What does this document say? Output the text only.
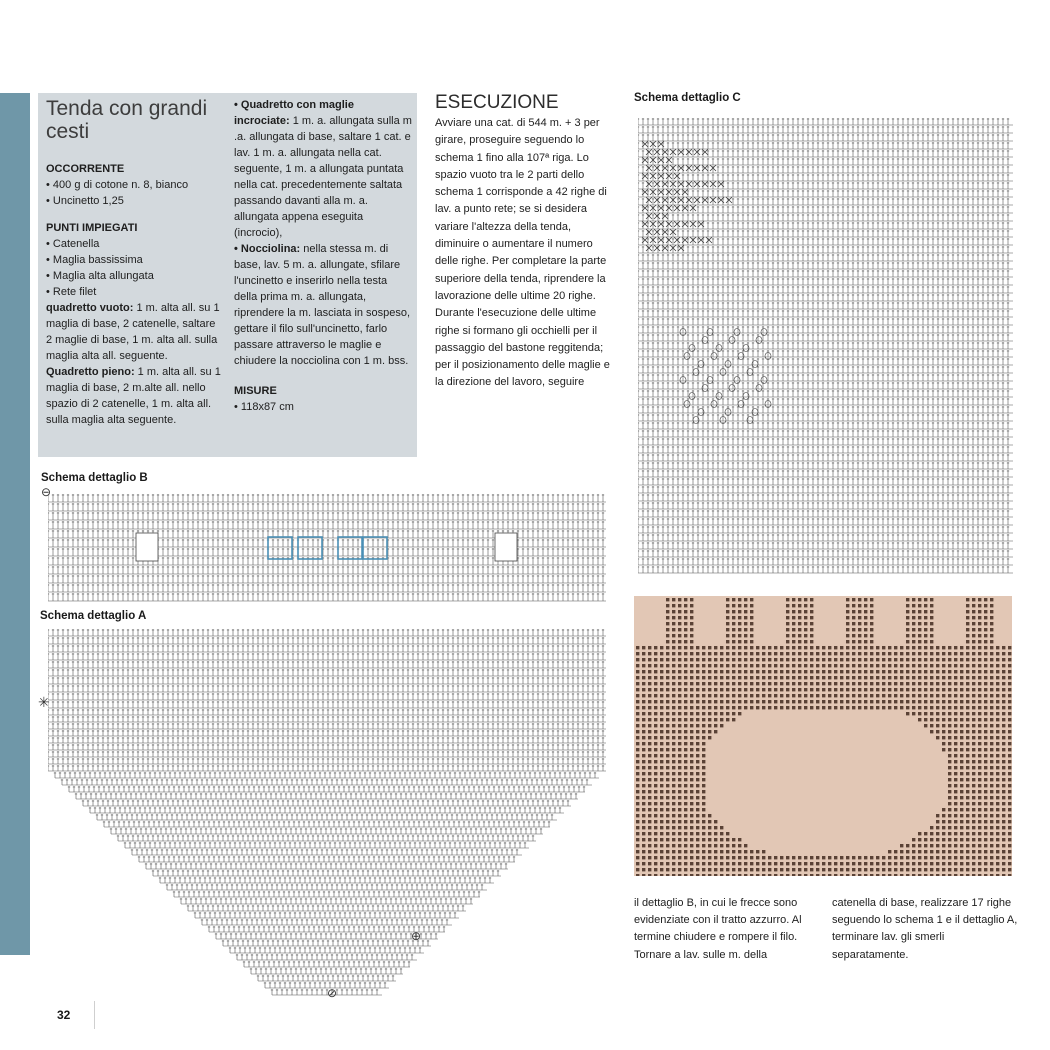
Tenda con grandi cesti
OCCORRENTE
• 400 g di cotone n. 8, bianco
• Uncinetto 1,25
PUNTI IMPIEGATI
• Catenella
• Maglia bassissima
• Maglia alta allungata
• Rete filet
quadretto vuoto: 1 m. alta all. su 1 maglia di base, 2 catenelle, saltare 2 maglie di base, 1 m. alta all. sulla maglia alta all. seguente.
Quadretto pieno: 1 m. alta all. su 1 maglia di base, 2 m.alte all. nello spazio di 2 catenelle, 1 m. alta all. sulla maglia alta seguente.
• Quadretto con maglie incrociate: 1 m. a. allungata sulla m .a. allungata di base, saltare 1 cat. e lav. 1 m. a. allungata nella cat. seguente, 1 m. a allungata puntata nella cat. precedentemente saltata passando davanti alla m. a. allungata appena eseguita (incrocio),
• Nocciolina: nella stessa m. di base, lav. 5 m. a. allungate, sfilare l'uncinetto e inserirlo nella testa della prima m. a. allungata, riprendere la m. lasciata in sospeso, gettare il filo sull'uncinetto, farlo passare attraverso le maglie e chiudere la nocciolina con 1 m. bss.
MISURE
• 118x87 cm
ESECUZIONE
Avviare una cat. di 544 m. + 3 per girare, proseguire seguendo lo schema 1 fino alla 107ª riga. Lo spazio vuoto tra le 2 parti dello schema 1 corrisponde a 42 righe di lav. a punto rete; se si desidera variare l'altezza della tenda, diminuire o aumentare il numero delle righe. Per completare la parte superiore della tenda, riprendere la lavorazione delle ultime 20 righe. Durante l'esecuzione delle ultime righe si formano gli occhielli per il passaggio del bastone reggitenda; per il posizionamento delle maglie e la direzione del lavoro, seguire
Schema dettaglio B
⊖
Schema dettaglio A
✳
⊕
⊘
Schema dettaglio C
il dettaglio B, in cui le frecce sono evidenziate con il tratto azzurro. Al termine chiudere e rompere il filo. Tornare a lav. sulle m. della
catenella di base, realizzare 17 righe seguendo lo schema 1 e il dettaglio A, terminare lav. gli smerli separatamente.
32
